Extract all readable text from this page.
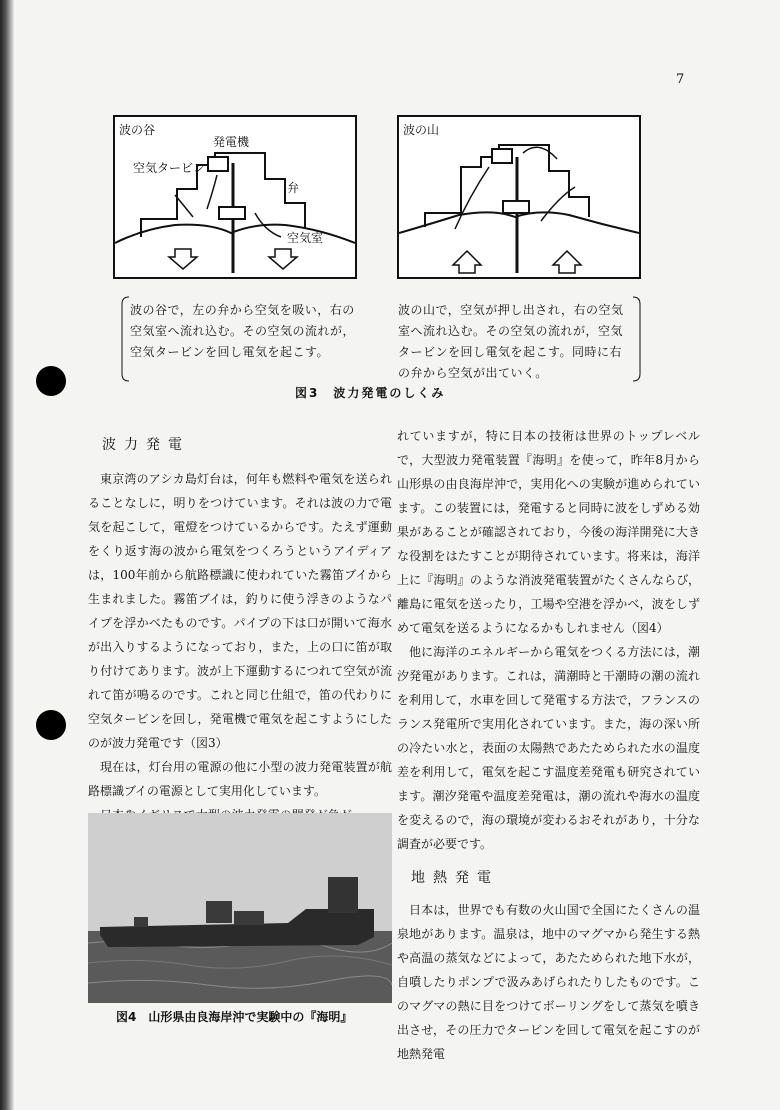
7
波の谷
発電機
空気タービン
弁
空気室
波の山
波の谷で，左の弁から空気を吸い，右の空気室へ流れ込む。その空気の流れが，空気タービンを回し電気を起こす。
波の山で，空気が押し出され，右の空気室へ流れ込む。その空気の流れが，空気タービンを回し電気を起こす。同時に右の弁から空気が出ていく。
図3　波力発電のしくみ

波力発電

東京湾のアシカ島灯台は，何年も燃料や電気を送られることなしに，明りをつけています。それは波の力で電気を起こして，電燈をつけているからです。たえず運動をくり返す海の波から電気をつくろうというアイディアは，100年前から航路標識に使われていた霧笛ブイから生まれました。霧笛ブイは，釣りに使う浮きのようなパイプを浮かべたものです。パイプの下は口が開いて海水が出入りするようになっており，また，上の口に笛が取り付けてあります。波が上下運動するにつれて空気が流れて笛が鳴るのです。これと同じ仕組で，笛の代わりに空気タービンを回し，発電機で電気を起こすようにしたのが波力発電です（図3）

現在は，灯台用の電源の他に小型の波力発電装置が航路標識ブイの電源として実用化しています。

図4　山形県由良海岸沖で実験中の『海明』

れていますが，特に日本の技術は世界のトップレベルで，大型波力発電装置『海明』を使って，昨年8月から山形県の由良海岸沖で，実用化への実験が進められています。この装置には，発電すると同時に波をしずめる効果があることが確認されており，今後の海洋開発に大きな役割をはたすことが期待されています。将来は，海洋上に『海明』のような消波発電装置がたくさんならび，離島に電気を送ったり，工場や空港を浮かべ，波をしずめて電気を送るようになるかもしれません（図4）

他に海洋のエネルギーから電気をつくる方法には，潮汐発電があります。これは，満潮時と干潮時の潮の流れを利用して，水車を回して発電する方法で，フランスのランス発電所で実用化されています。また，海の深い所の冷たい水と，表面の太陽熱であたためられた水の温度差を利用して，電気を起こす温度差発電も研究されています。潮汐発電や温度差発電は，潮の流れや海水の温度を変えるので，海の環境が変わるおそれがあり，十分な調査が必要です。

地熱発電

日本は，世界でも有数の火山国で全国にたくさんの温泉地があります。温泉は，地中のマグマから発生する熱や高温の蒸気などによって，あたためられた地下水が，自噴したりポンプで汲みあげられたりしたものです。このマグマの熱に目をつけてボーリングをして蒸気を噴き出させ，その圧力でタービンを回して電気を起こすのが地熱発電
